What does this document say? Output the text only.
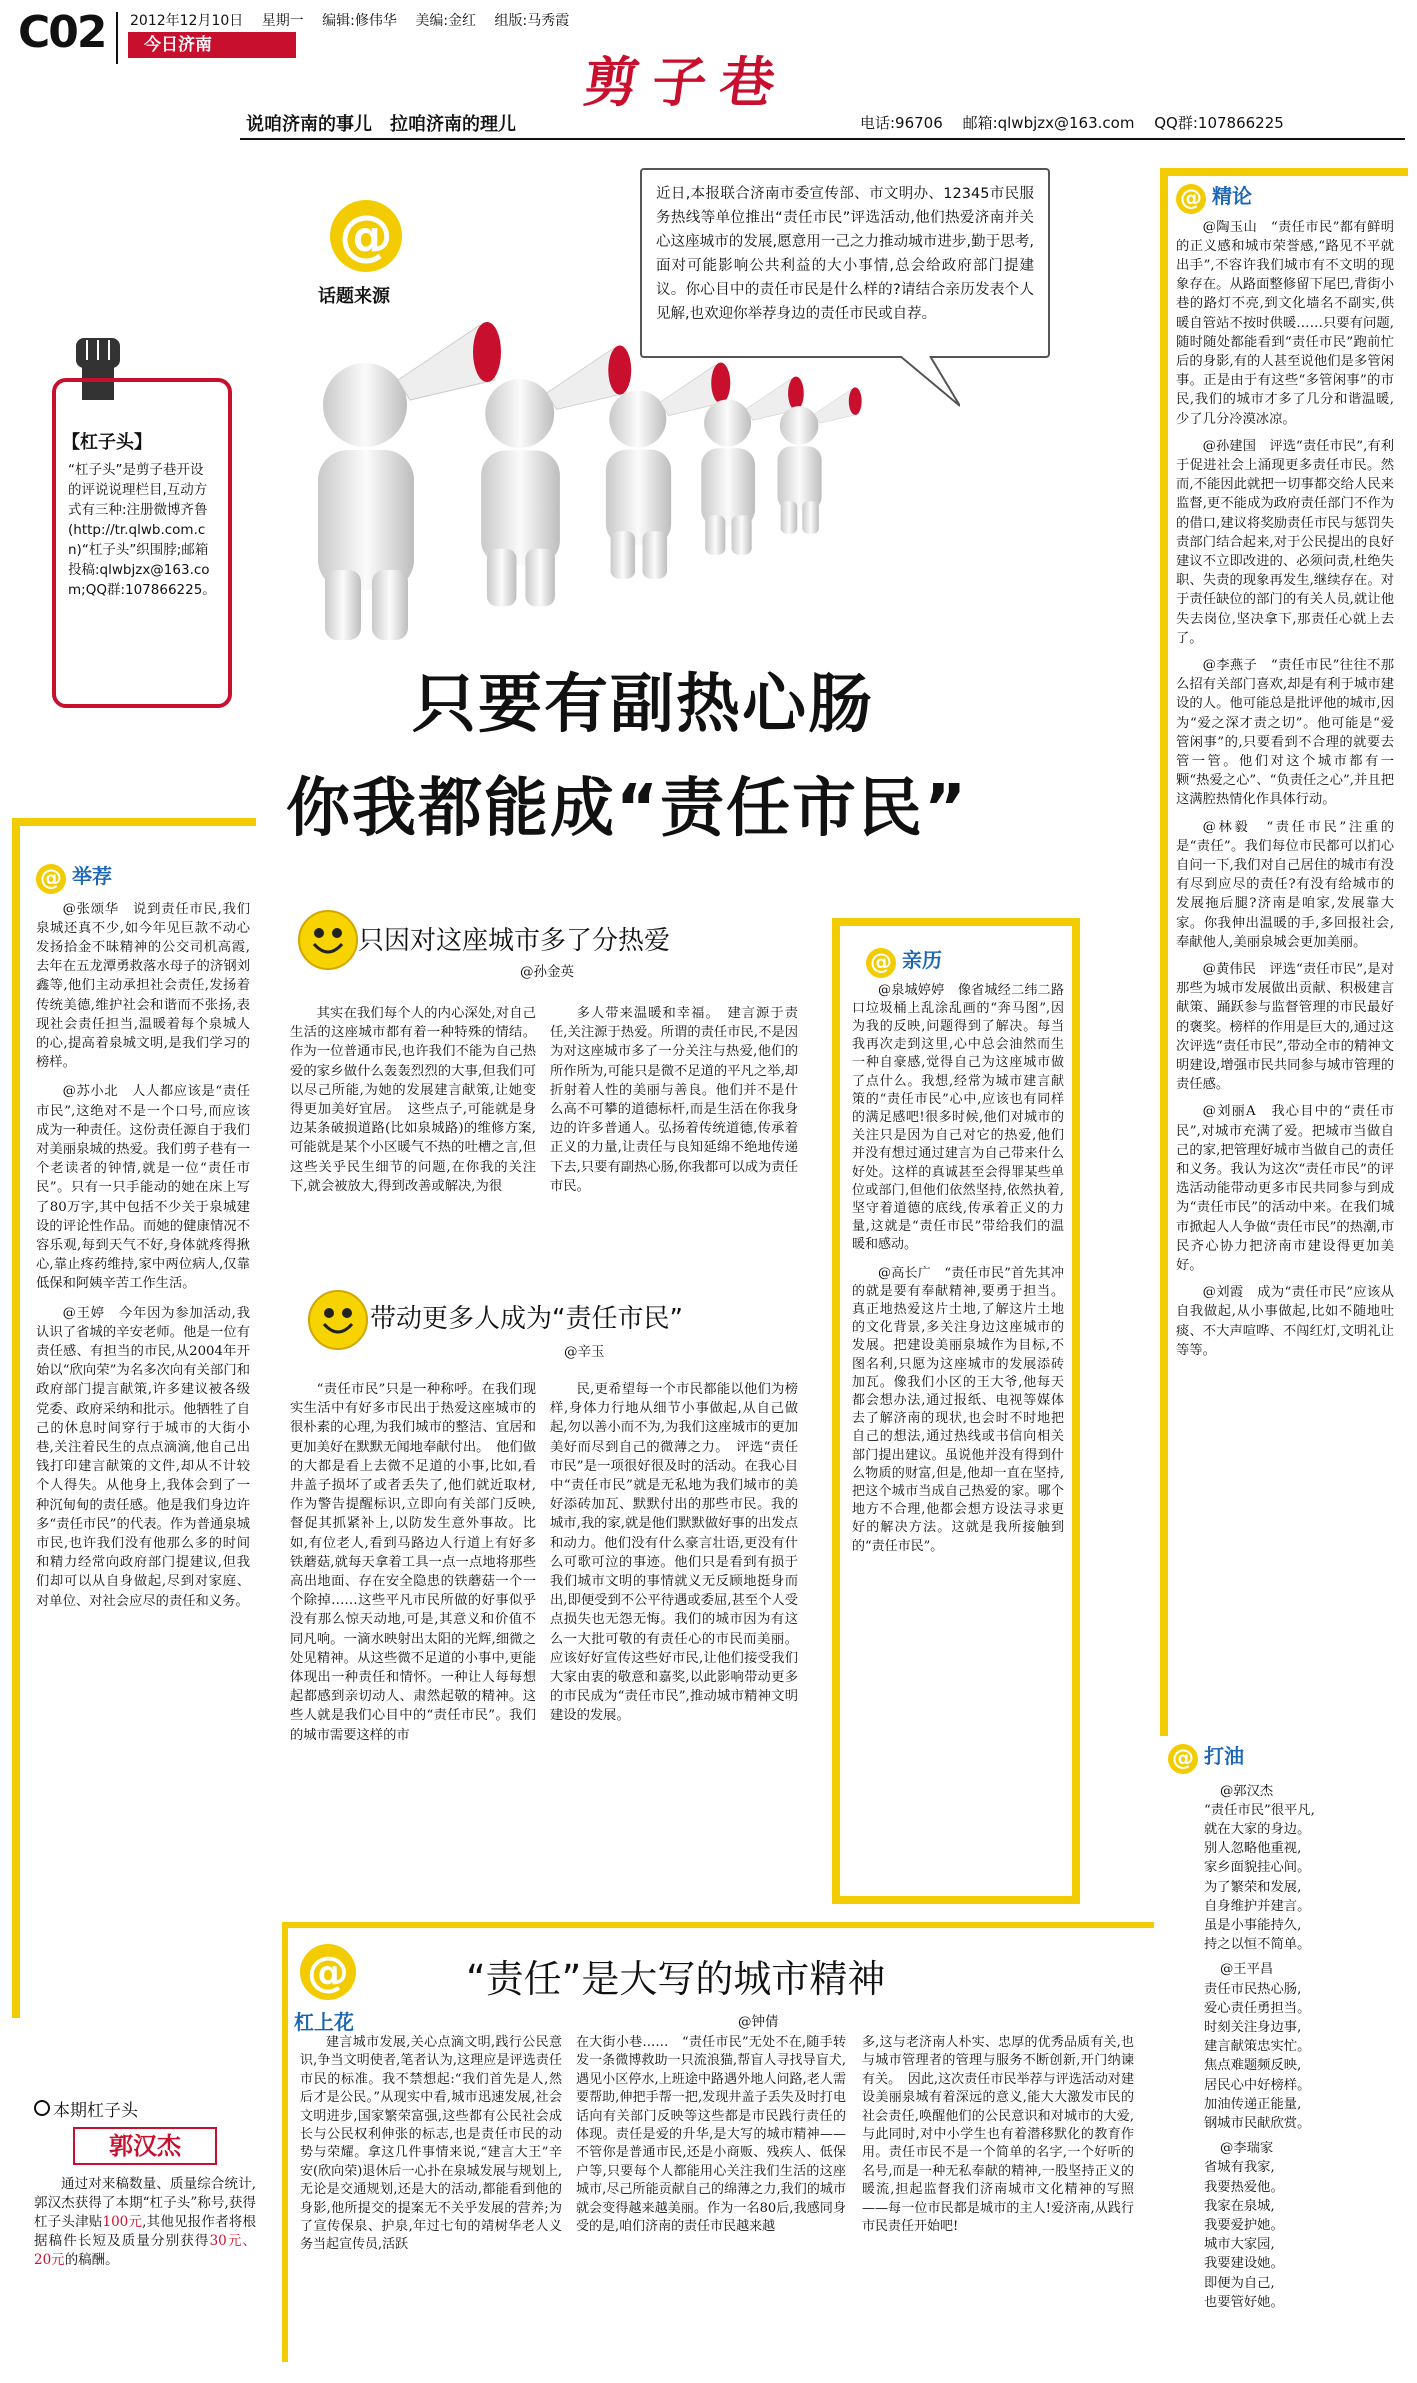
C02 2012年12月10日　 星期一　 编辑:修伟华　 美编:金红　 组版:马秀霞
今日济南
说咱济南的事儿　拉咱济南的理儿
剪子巷
电话:96706　 邮箱:qlwbjzx@163.com　 QQ群:107866225
@
话题来源
近日,本报联合济南市委宣传部、市文明办、12345市民服务热线等单位推出“责任市民”评选活动,他们热爱济南并关心这座城市的发展,愿意用一己之力推动城市进步,勤于思考,面对可能影响公共利益的大小事情,总会给政府部门提建议。你心目中的责任市民是什么样的?请结合亲历发表个人见解,也欢迎你举荐身边的责任市民或自荐。
【杠子头】
“杠子头”是剪子巷开设的评说说理栏目,互动方式有三种:注册微博齐鲁(http://tr.qlwb.com.cn)“杠子头”织围脖;邮箱投稿:qlwbjzx@163.com;QQ群:107866225。
只要有副热心肠
你我都能成“责任市民”
@ 举荐
@张颂华　说到责任市民,我们泉城还真不少,如今年见巨款不动心发扬拾金不昧精神的公交司机高霞,去年在五龙潭勇救落水母子的济钢刘鑫等,他们主动承担社会责任,发扬着传统美德,维护社会和谐而不张扬,表现社会责任担当,温暖着每个泉城人的心,提高着泉城文明,是我们学习的榜样。
@苏小北　人人都应该是“责任市民”,这绝对不是一个口号,而应该成为一种责任。这份责任源自于我们对美丽泉城的热爱。我们剪子巷有一个老读者的钟情,就是一位“责任市民”。只有一只手能动的她在床上写了80万字,其中包括不少关于泉城建设的评论性作品。而她的健康情况不容乐观,每到天气不好,身体就疼得揪心,靠止疼药维持,家中两位病人,仅靠低保和阿姨辛苦工作生活。
@王婷　今年因为参加活动,我认识了省城的辛安老师。他是一位有责任感、有担当的市民,从2004年开始以“欣向荣”为名多次向有关部门和政府部门提言献策,许多建议被各级党委、政府采纳和批示。他牺牲了自己的休息时间穿行于城市的大街小巷,关注着民生的点点滴滴,他自己出钱打印建言献策的文件,却从不计较个人得失。从他身上,我体会到了一种沉甸甸的责任感。他是我们身边许多“责任市民”的代表。作为普通泉城市民,也许我们没有他那么多的时间和精力经常向政府部门提建议,但我们却可以从自身做起,尽到对家庭、对单位、对社会应尽的责任和义务。
本期杠子头
郭汉杰
通过对来稿数量、质量综合统计,郭汉杰获得了本期“杠子头”称号,获得杠子头津贴100元,其他见报作者将根据稿件长短及质量分别获得30元、20元的稿酬。
只因对这座城市多了分热爱
@孙金英
其实在我们每个人的内心深处,对自己生活的这座城市都有着一种特殊的情结。作为一位普通市民,也许我们不能为自己热爱的家乡做什么轰轰烈烈的大事,但我们可以尽己所能,为她的发展建言献策,让她变得更加美好宜居。　这些点子,可能就是身边某条破损道路(比如泉城路)的维修方案,可能就是某个小区暖气不热的吐槽之言,但这些关乎民生细节的问题,在你我的关注下,就会被放大,得到改善或解决,为很
多人带来温暖和幸福。　建言源于责任,关注源于热爱。所谓的责任市民,不是因为对这座城市多了一分关注与热爱,他们的所作所为,可能只是微不足道的平凡之举,却折射着人性的美丽与善良。他们并不是什么高不可攀的道德标杆,而是生活在你我身边的许多普通人。弘扬着传统道德,传承着正义的力量,让责任与良知延绵不绝地传递下去,只要有副热心肠,你我都可以成为责任市民。
带动更多人成为“责任市民”
@辛玉
“责任市民”只是一种称呼。在我们现实生活中有好多市民出于热爱这座城市的很朴素的心理,为我们城市的整洁、宜居和更加美好在默默无闻地奉献付出。　他们做的大都是看上去微不足道的小事,比如,看井盖子损坏了或者丢失了,他们就近取材,作为警告提醒标识,立即向有关部门反映,督促其抓紧补上,以防发生意外事故。比如,有位老人,看到马路边人行道上有好多铁蘑菇,就每天拿着工具一点一点地将那些高出地面、存在安全隐患的铁蘑菇一个一个除掉……这些平凡市民所做的好事似乎没有那么惊天动地,可是,其意义和价值不同凡响。一滴水映射出太阳的光辉,细微之处见精神。从这些微不足道的小事中,更能体现出一种责任和情怀。一种让人每每想起都感到亲切动人、肃然起敬的精神。这些人就是我们心目中的“责任市民”。我们的城市需要这样的市
民,更希望每一个市民都能以他们为榜样,身体力行地从细节小事做起,从自己做起,勿以善小而不为,为我们这座城市的更加美好而尽到自己的微薄之力。　评选“责任市民”是一项很好很及时的活动。在我心目中“责任市民”就是无私地为我们城市的美好添砖加瓦、默默付出的那些市民。我的城市,我的家,就是他们默默做好事的出发点和动力。他们没有什么豪言壮语,更没有什么可歌可泣的事迹。他们只是看到有损于我们城市文明的事情就义无反顾地挺身而出,即便受到不公平待遇或委屈,甚至个人受点损失也无怨无悔。我们的城市因为有这么一大批可敬的有责任心的市民而美丽。应该好好宣传这些好市民,让他们接受我们大家由衷的敬意和嘉奖,以此影响带动更多的市民成为“责任市民”,推动城市精神文明建设的发展。
@ 亲历
@泉城婷婷　像省城经二纬二路口垃圾桶上乱涂乱画的“奔马图”,因为我的反映,问题得到了解决。每当我再次走到这里,心中总会油然而生一种自豪感,觉得自己为这座城市做了点什么。我想,经常为城市建言献策的“责任市民”心中,应该也有同样的满足感吧!很多时候,他们对城市的关注只是因为自己对它的热爱,他们并没有想过通过建言为自己带来什么好处。这样的真诚甚至会得罪某些单位或部门,但他们依然坚持,依然执着,坚守着道德的底线,传承着正义的力量,这就是“责任市民”带给我们的温暖和感动。
@高长广　“责任市民”首先其冲的就是要有奉献精神,要勇于担当。真正地热爱这片土地,了解这片土地的文化背景,多关注身边这座城市的发展。把建设美丽泉城作为目标,不图名利,只愿为这座城市的发展添砖加瓦。像我们小区的王大爷,他每天都会想办法,通过报纸、电视等媒体去了解济南的现状,也会时不时地把自己的想法,通过热线或书信向相关部门提出建议。虽说他并没有得到什么物质的财富,但是,他却一直在坚持,把这个城市当成自己热爱的家。哪个地方不合理,他都会想方设法寻求更好的解决方法。这就是我所接触到的“责任市民”。
@ 精论
@陶玉山　 “责任市民”都有鲜明的正义感和城市荣誉感,“路见不平就出手”,不容许我们城市有不文明的现象存在。从路面整修留下尾巴,背街小巷的路灯不亮,到文化墙名不副实,供暖自管站不按时供暖……只要有问题,随时随处都能看到“责任市民”跑前忙后的身影,有的人甚至说他们是多管闲事。正是由于有这些“多管闲事”的市民,我们的城市才多了几分和谐温暖,少了几分冷漠冰凉。
@孙建国　 评选“责任市民”,有利于促进社会上涌现更多责任市民。然而,不能因此就把一切事都交给人民来监督,更不能成为政府责任部门不作为的借口,建议将奖励责任市民与惩罚失责部门结合起来,对于公民提出的良好建议不立即改进的、必须问责,杜绝失职、失责的现象再发生,继续存在。对于责任缺位的部门的有关人员,就让他失去岗位,坚决拿下,那责任心就上去了。
@李燕子　 “责任市民”往往不那么招有关部门喜欢,却是有利于城市建设的人。他可能总是批评他的城市,因为“爱之深才责之切”。他可能是“爱管闲事”的,只要看到不合理的就要去管一管。他们对这个城市都有一颗“热爱之心”、“负责任之心”,并且把这满腔热情化作具体行动。
@林毅　 “责任市民”注重的是“责任”。我们每位市民都可以扪心自问一下,我们对自己居住的城市有没有尽到应尽的责任?有没有给城市的发展拖后腿?济南是咱家,发展靠大家。你我伸出温暖的手,多回报社会,奉献他人,美丽泉城会更加美丽。
@黄伟民　 评选“责任市民”,是对那些为城市发展做出贡献、积极建言献策、踊跃参与监督管理的市民最好的褒奖。榜样的作用是巨大的,通过这次评选“责任市民”,带动全市的精神文明建设,增强市民共同参与城市管理的责任感。
@刘丽A　 我心目中的“责任市民”,对城市充满了爱。把城市当做自己的家,把管理好城市当做自己的责任和义务。我认为这次“责任市民”的评选活动能带动更多市民共同参与到成为“责任市民”的活动中来。在我们城市掀起人人争做“责任市民”的热潮,市民齐心协力把济南市建设得更加美好。
@刘霞　 成为“责任市民”应该从自我做起,从小事做起,比如不随地吐痰、不大声喧哗、不闯红灯,文明礼让等等。
@ 打油
@郭汉杰
“责任市民”很平凡,
就在大家的身边。
别人忽略他重视,
家乡面貌挂心间。
为了繁荣和发展,
自身维护并建言。
虽是小事能持久,
持之以恒不简单。
@王平昌
责任市民热心肠,
爱心责任勇担当。
时刻关注身边事,
建言献策忠实忙。
焦点难题频反映,
居民心中好榜样。
加油传递正能量,
钢城市民献欣赏。
@李瑞家
省城有我家,
我要热爱他。
我家在泉城,
我要爱护她。
城市大家园,
我要建设她。
即便为自己,
也要管好她。
@
杠上花
“责任”是大写的城市精神
@钟倩
建言城市发展,关心点滴文明,践行公民意识,争当文明使者,笔者认为,这理应是评选责任市民的标准。我不禁想起:“我们首先是人,然后才是公民。”从现实中看,城市迅速发展,社会文明进步,国家繁荣富强,这些都有公民社会成长与公民权利伸张的标志,也是责任市民的动势与荣耀。拿这几件事情来说,“建言大王”辛安(欣向荣)退休后一心扑在泉城发展与规划上,无论是交通规划,还是大的活动,都能看到他的身影,他所提交的提案无不关乎发展的营养;为了宣传保泉、护泉,年过七旬的靖树华老人义务当起宣传员,活跃
在大街小巷……　“责任市民”无处不在,随手转发一条微博救助一只流浪猫,帮盲人寻找导盲犬,遇见小区停水,上班途中路遇外地人问路,老人需要帮助,伸把手帮一把,发现井盖子丢失及时打电话向有关部门反映等这些都是市民践行责任的体现。责任是爱的升华,是大写的城市精神——不管你是普通市民,还是小商贩、残疾人、低保户等,只要每个人都能用心关注我们生活的这座城市,尽己所能贡献自己的绵薄之力,我们的城市就会变得越来越美丽。作为一名80后,我感同身受的是,咱们济南的责任市民越来越
多,这与老济南人朴实、忠厚的优秀品质有关,也与城市管理者的管理与服务不断创新,开门纳谏有关。　因此,这次责任市民举荐与评选活动对建设美丽泉城有着深远的意义,能大大激发市民的社会责任,唤醒他们的公民意识和对城市的大爱,与此同时,对中小学生也有着潜移默化的教育作用。责任市民不是一个简单的名字,一个好听的名号,而是一种无私奉献的精神,一股坚持正义的暖流,担起监督我们济南城市文化精神的写照——每一位市民都是城市的主人!爱济南,从践行市民责任开始吧!
